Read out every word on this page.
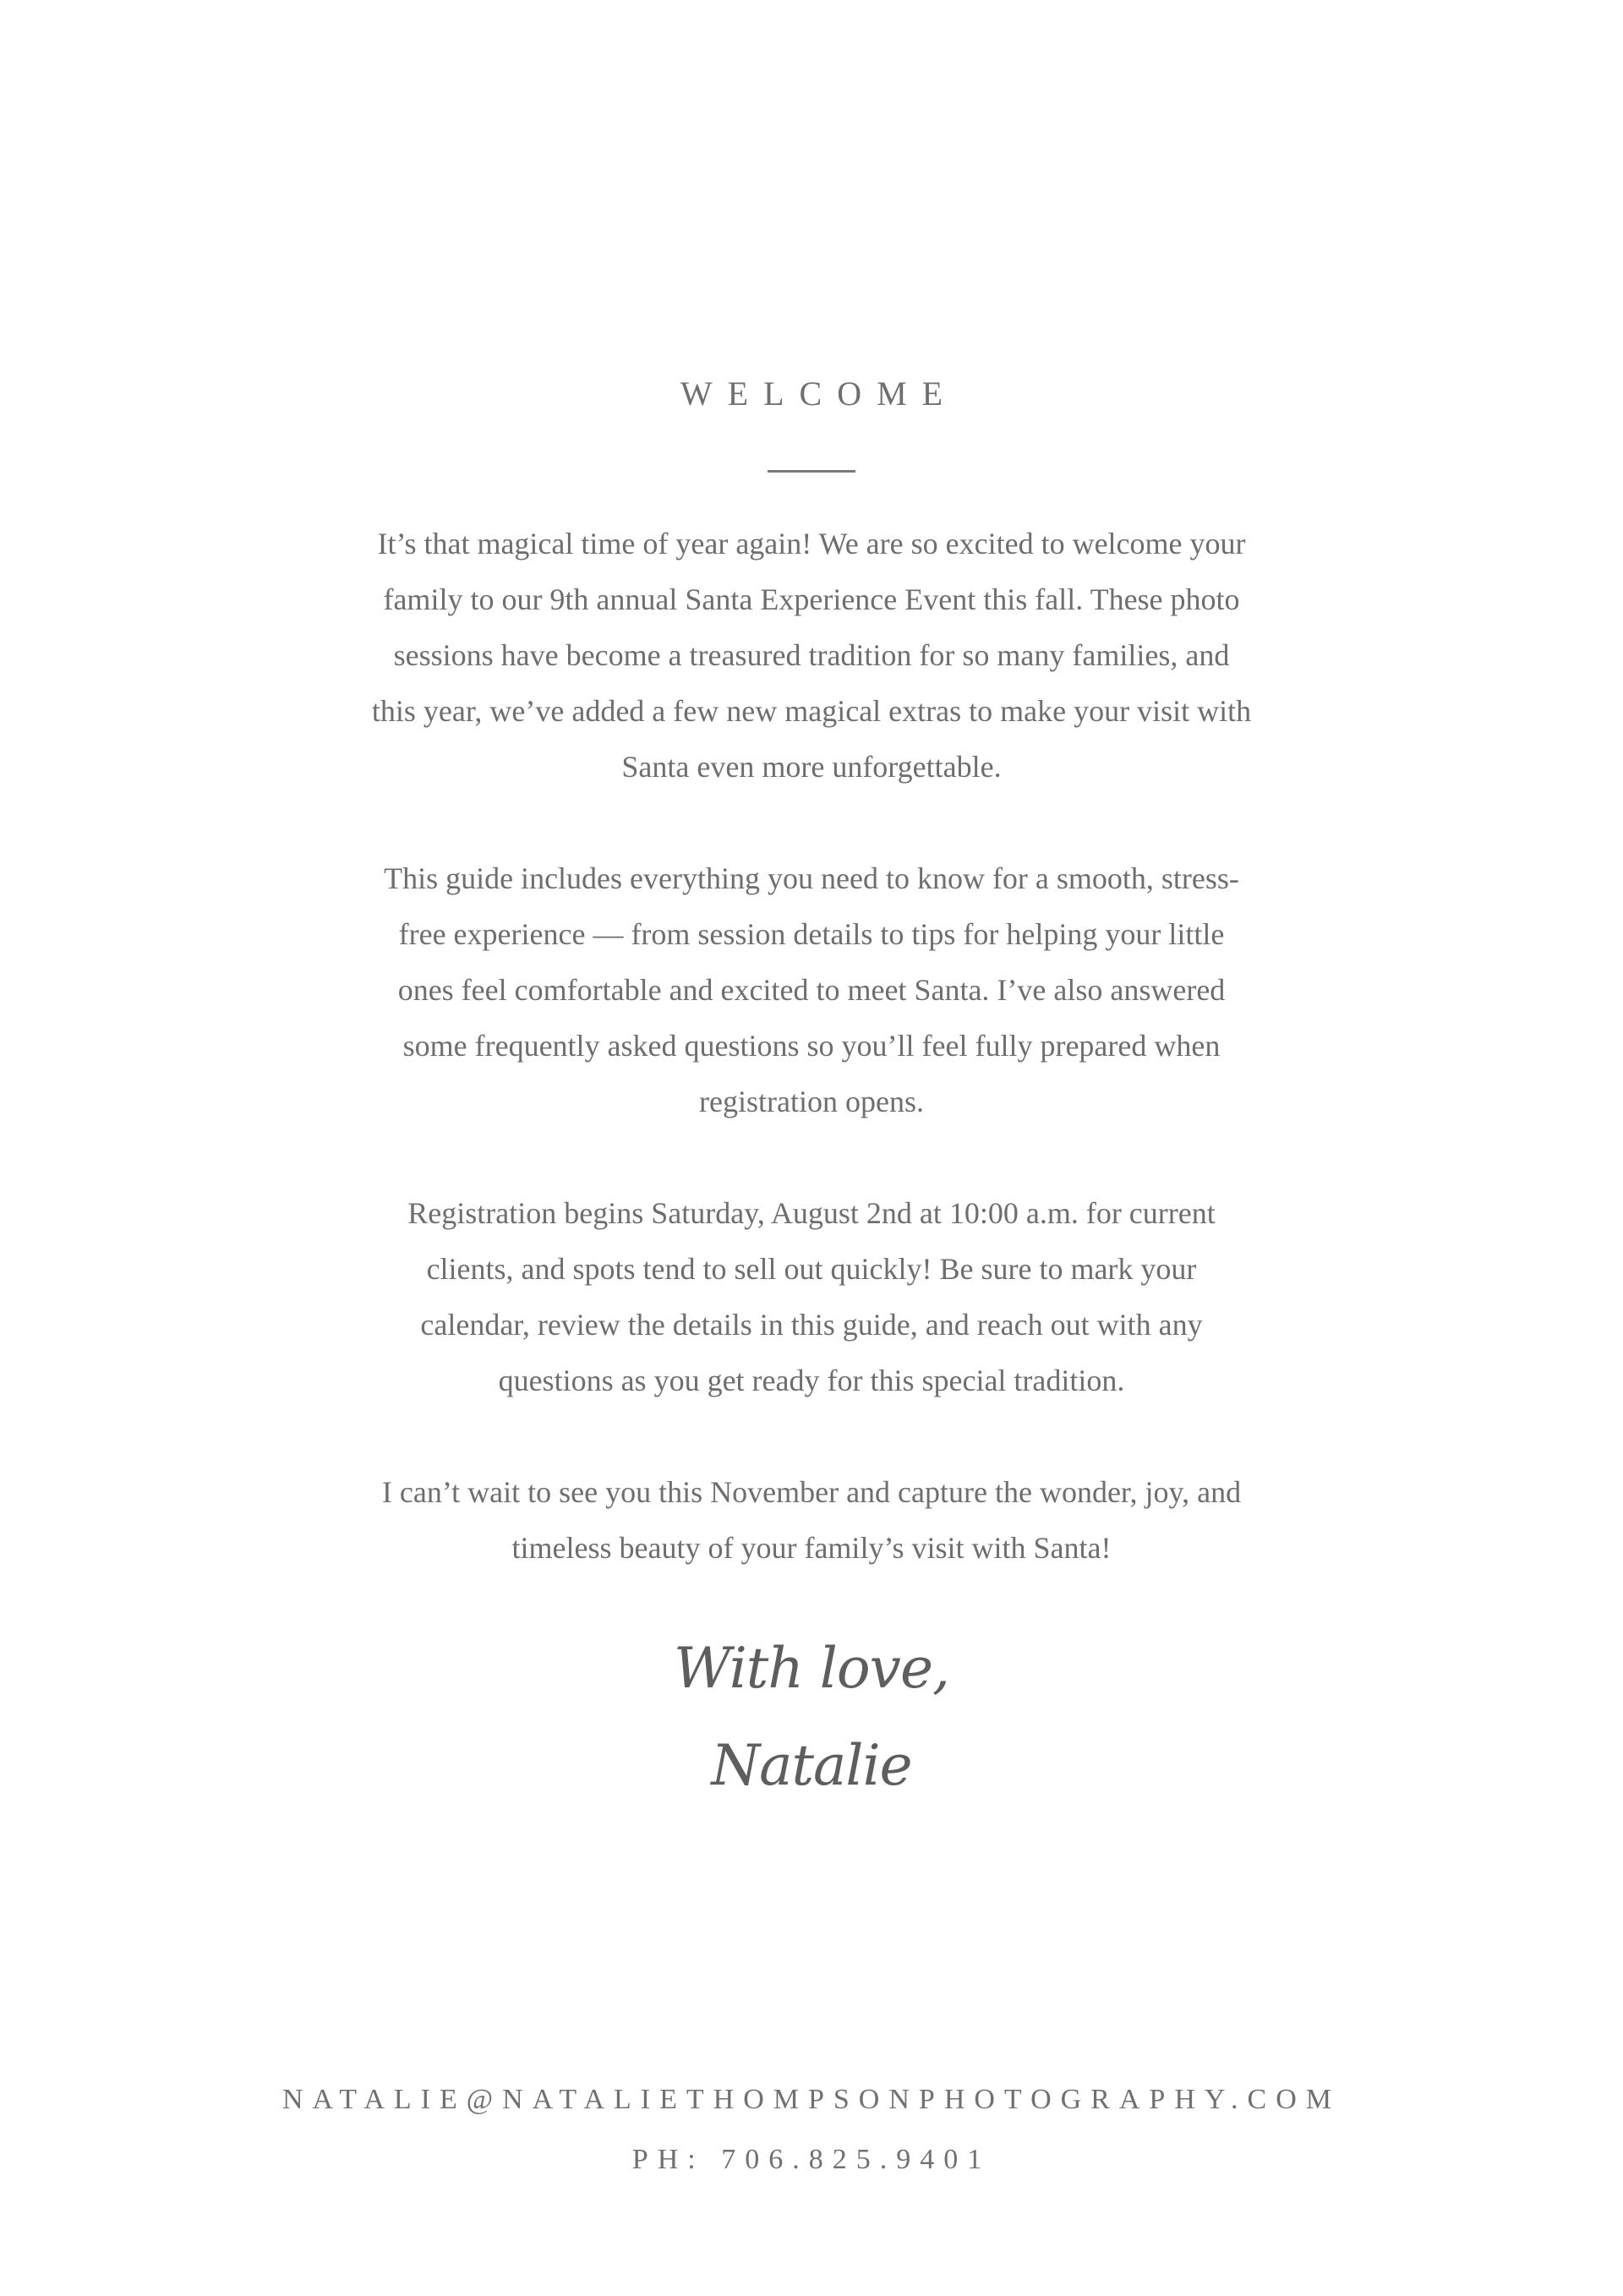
WELCOME

It’s that magical time of year again! We are so excited to welcome your
family to our 9th annual Santa Experience Event this fall. These photo
sessions have become a treasured tradition for so many families, and
this year, we’ve added a few new magical extras to make your visit with
Santa even more unforgettable.

This guide includes everything you need to know for a smooth, stress-
free experience — from session details to tips for helping your little
ones feel comfortable and excited to meet Santa. I’ve also answered
some frequently asked questions so you’ll feel fully prepared when
registration opens.

Registration begins Saturday, August 2nd at 10:00 a.m. for current
clients, and spots tend to sell out quickly! Be sure to mark your
calendar, review the details in this guide, and reach out with any
questions as you get ready for this special tradition.

I can’t wait to see you this November and capture the wonder, joy, and
timeless beauty of your family’s visit with Santa!

With love,
Natalie
NATALIE@NATALIETHOMPSONPHOTOGRAPHY.COM
PH: 706.825.9401
